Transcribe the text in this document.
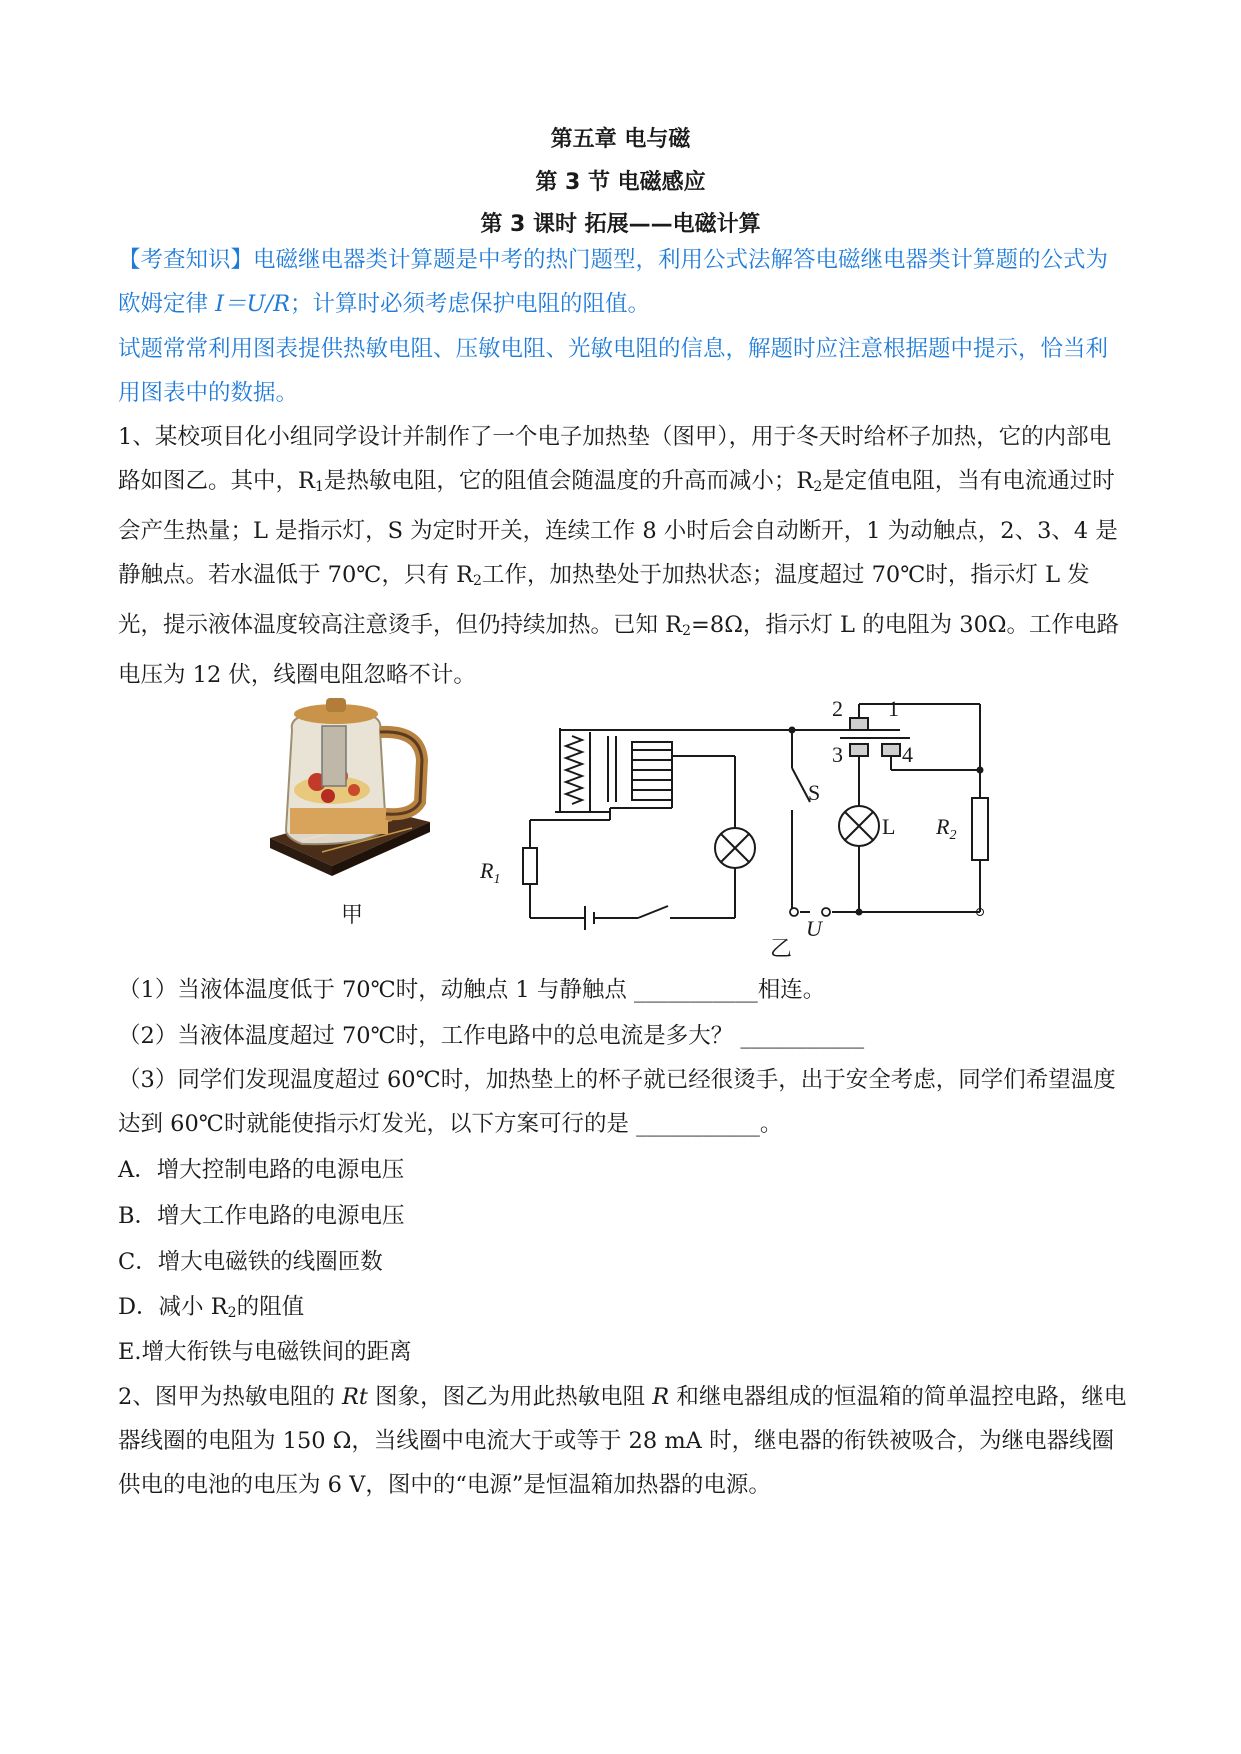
第五章 电与磁
第 3 节 电磁感应
第 3 课时 拓展——电磁计算
【考查知识】电磁继电器类计算题是中考的热门题型，利用公式法解答电磁继电器类计算题的公式为欧姆定律 I＝U/R；计算时必须考虑保护电阻的阻值。
试题常常利用图表提供热敏电阻、压敏电阻、光敏电阻的信息，解题时应注意根据题中提示，恰当利用图表中的数据。
1、某校项目化小组同学设计并制作了一个电子加热垫（图甲），用于冬天时给杯子加热，它的内部电路如图乙。其中，$R_1$是热敏电阻，它的阻值会随温度的升高而减小；$R_2$是定值电阻，当有电流通过时会产生热量；L 是指示灯，S 为定时开关，连续工作 8 小时后会自动断开，1 为动触点，2、3、4 是静触点。若水温低于 70℃，只有 $R_2$工作，加热垫处于加热状态；温度超过 70℃时，指示灯 L 发光，提示液体温度较高注意烫手，但仍持续加热。已知 $R_2=8\Omega$，指示灯 L 的电阻为 30Ω。工作电路电压为 12 伏，线圈电阻忽略不计。
甲
2 1
3	4
S
L
U
$R_1$
$R_2$
乙
（1）当液体温度低于 70℃时，动触点 1 与静触点 ___________相连。
（2）当液体温度超过 70℃时，工作电路中的总电流是多大？ ___________
（3）同学们发现温度超过 60℃时，加热垫上的杯子就已经很烫手，出于安全考虑，同学们希望温度达到 60℃时就能使指示灯发光，以下方案可行的是 ___________。
A．增大控制电路的电源电压
B．增大工作电路的电源电压
C．增大电磁铁的线圈匝数
D．减小 $R_2$的阻值
E.增大衔铁与电磁铁间的距离
2、图甲为热敏电阻的 Rt 图象，图乙为用此热敏电阻 R 和继电器组成的恒温箱的简单温控电路，继电器线圈的电阻为 150 Ω，当线圈中电流大于或等于 28 mA 时，继电器的衔铁被吸合，为继电器线圈供电的电池的电压为 6 V，图中的“电源”是恒温箱加热器的电源。
